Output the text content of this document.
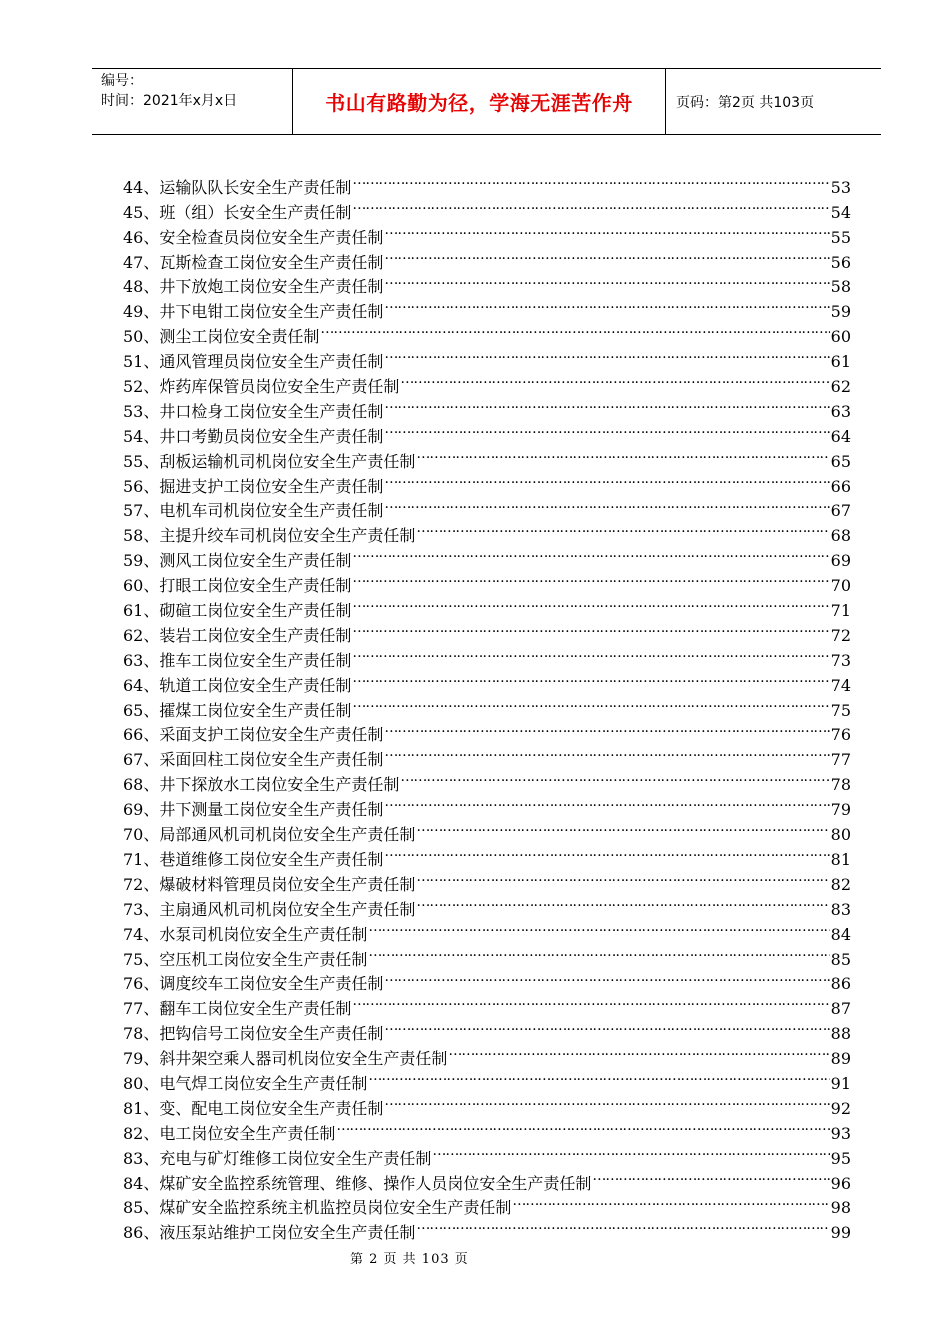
编号：
时间：2021年x月x日	书山有路勤为径，学海无涯苦作舟	页码：第2页 共103页
44、运输队队长安全生产责任制 …………………………………………………………………………………………………………………………………………………………………………	53
45、班（组）长安全生产责任制 …………………………………………………………………………………………………………………………………………………………………………	54
46、安全检查员岗位安全生产责任制 …………………………………………………………………………………………………………………………………………………………………………	55
47、瓦斯检查工岗位安全生产责任制 …………………………………………………………………………………………………………………………………………………………………………	56
48、井下放炮工岗位安全生产责任制 …………………………………………………………………………………………………………………………………………………………………………	58
49、井下电钳工岗位安全生产责任制 …………………………………………………………………………………………………………………………………………………………………………	59
50、测尘工岗位安全责任制 …………………………………………………………………………………………………………………………………………………………………………	60
51、通风管理员岗位安全生产责任制 …………………………………………………………………………………………………………………………………………………………………………	61
52、炸药库保管员岗位安全生产责任制 …………………………………………………………………………………………………………………………………………………………………………	62
53、井口检身工岗位安全生产责任制 …………………………………………………………………………………………………………………………………………………………………………	63
54、井口考勤员岗位安全生产责任制 …………………………………………………………………………………………………………………………………………………………………………	64
55、刮板运输机司机岗位安全生产责任制 …………………………………………………………………………………………………………………………………………………………………………	65
56、掘进支护工岗位安全生产责任制 …………………………………………………………………………………………………………………………………………………………………………	66
57、电机车司机岗位安全生产责任制 …………………………………………………………………………………………………………………………………………………………………………	67
58、主提升绞车司机岗位安全生产责任制 …………………………………………………………………………………………………………………………………………………………………………	68
59、测风工岗位安全生产责任制 …………………………………………………………………………………………………………………………………………………………………………	69
60、打眼工岗位安全生产责任制 …………………………………………………………………………………………………………………………………………………………………………	70
61、砌碹工岗位安全生产责任制 …………………………………………………………………………………………………………………………………………………………………………	71
62、装岩工岗位安全生产责任制 …………………………………………………………………………………………………………………………………………………………………………	72
63、推车工岗位安全生产责任制 …………………………………………………………………………………………………………………………………………………………………………	73
64、轨道工岗位安全生产责任制 …………………………………………………………………………………………………………………………………………………………………………	74
65、攉煤工岗位安全生产责任制 …………………………………………………………………………………………………………………………………………………………………………	75
66、采面支护工岗位安全生产责任制 …………………………………………………………………………………………………………………………………………………………………………	76
67、采面回柱工岗位安全生产责任制 …………………………………………………………………………………………………………………………………………………………………………	77
68、井下探放水工岗位安全生产责任制 …………………………………………………………………………………………………………………………………………………………………………	78
69、井下测量工岗位安全生产责任制 …………………………………………………………………………………………………………………………………………………………………………	79
70、局部通风机司机岗位安全生产责任制 …………………………………………………………………………………………………………………………………………………………………………	80
71、巷道维修工岗位安全生产责任制 …………………………………………………………………………………………………………………………………………………………………………	81
72、爆破材料管理员岗位安全生产责任制 …………………………………………………………………………………………………………………………………………………………………………	82
73、主扇通风机司机岗位安全生产责任制 …………………………………………………………………………………………………………………………………………………………………………	83
74、水泵司机岗位安全生产责任制 …………………………………………………………………………………………………………………………………………………………………………	84
75、空压机工岗位安全生产责任制 …………………………………………………………………………………………………………………………………………………………………………	85
76、调度绞车工岗位安全生产责任制 …………………………………………………………………………………………………………………………………………………………………………	86
77、翻车工岗位安全生产责任制 …………………………………………………………………………………………………………………………………………………………………………	87
78、把钩信号工岗位安全生产责任制 …………………………………………………………………………………………………………………………………………………………………………	88
79、斜井架空乘人器司机岗位安全生产责任制 …………………………………………………………………………………………………………………………………………………………………………	89
80、电气焊工岗位安全生产责任制 …………………………………………………………………………………………………………………………………………………………………………	91
81、变、配电工岗位安全生产责任制 …………………………………………………………………………………………………………………………………………………………………………	92
82、电工岗位安全生产责任制 …………………………………………………………………………………………………………………………………………………………………………	93
83、充电与矿灯维修工岗位安全生产责任制 …………………………………………………………………………………………………………………………………………………………………………	95
84、煤矿安全监控系统管理、维修、操作人员岗位安全生产责任制 …………………………………………………………………………………………………………………………………………………………………………	96
85、煤矿安全监控系统主机监控员岗位安全生产责任制 …………………………………………………………………………………………………………………………………………………………………………	98
86、液压泵站维护工岗位安全生产责任制 …………………………………………………………………………………………………………………………………………………………………………	99
第 2 页 共 103 页
